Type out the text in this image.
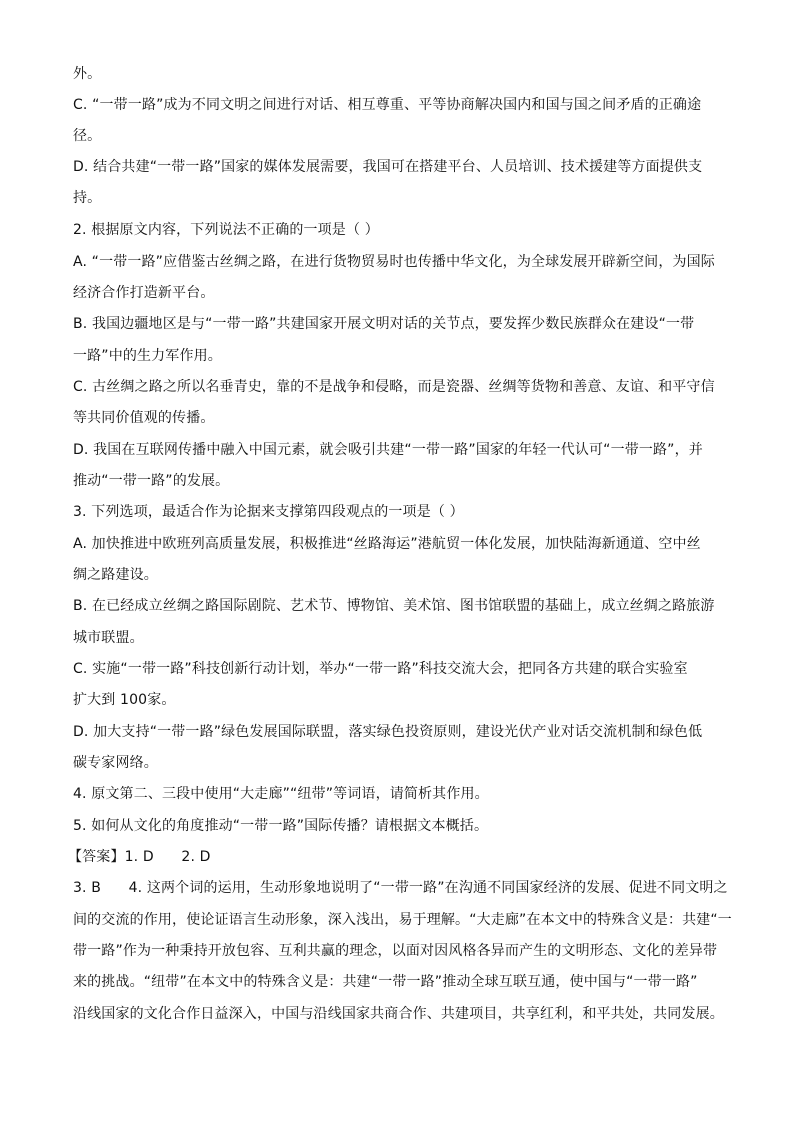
外。
C. “一带一路”成为不同文明之间进行对话、相互尊重、平等协商解决国内和国与国之间矛盾的正确途
径。
D. 结合共建“一带一路”国家的媒体发展需要，我国可在搭建平台、人员培训、技术援建等方面提供支
持。
2. 根据原文内容，下列说法不正确的一项是（ ）
A. “一带一路”应借鉴古丝绸之路，在进行货物贸易时也传播中华文化，为全球发展开辟新空间，为国际
经济合作打造新平台。
B. 我国边疆地区是与“一带一路”共建国家开展文明对话的关节点，要发挥少数民族群众在建设“一带
一路”中的生力军作用。
C. 古丝绸之路之所以名垂青史，靠的不是战争和侵略，而是瓷器、丝绸等货物和善意、友谊、和平守信
等共同价值观的传播。
D. 我国在互联网传播中融入中国元素，就会吸引共建“一带一路”国家的年轻一代认可“一带一路”，并
推动“一带一路”的发展。
3. 下列选项，最适合作为论据来支撑第四段观点的一项是（ ）
A. 加快推进中欧班列高质量发展，积极推进“丝路海运”港航贸一体化发展，加快陆海新通道、空中丝
绸之路建设。
B. 在已经成立丝绸之路国际剧院、艺术节、博物馆、美术馆、图书馆联盟的基础上，成立丝绸之路旅游
城市联盟。
C. 实施“一带一路”科技创新行动计划，举办“一带一路”科技交流大会，把同各方共建的联合实验室
扩大到 100家。
D. 加大支持“一带一路”绿色发展国际联盟，落实绿色投资原则，建设光伏产业对话交流机制和绿色低
碳专家网络。
4. 原文第二、三段中使用“大走廊”“纽带”等词语，请简析其作用。
5. 如何从文化的角度推动“一带一路”国际传播？请根据文本概括。
【答案】1. D      2. D
3. B      4. 这两个词的运用，生动形象地说明了“一带一路”在沟通不同国家经济的发展、促进不同文明之
间的交流的作用，使论证语言生动形象，深入浅出，易于理解。“大走廊”在本文中的特殊含义是：共建“一
带一路”作为一种秉持开放包容、互利共赢的理念，以面对因风格各异而产生的文明形态、文化的差异带
来的挑战。“纽带”在本文中的特殊含义是：共建“一带一路”推动全球互联互通，使中国与“一带一路”
沿线国家的文化合作日益深入，中国与沿线国家共商合作、共建项目，共享红利，和平共处，共同发展。
